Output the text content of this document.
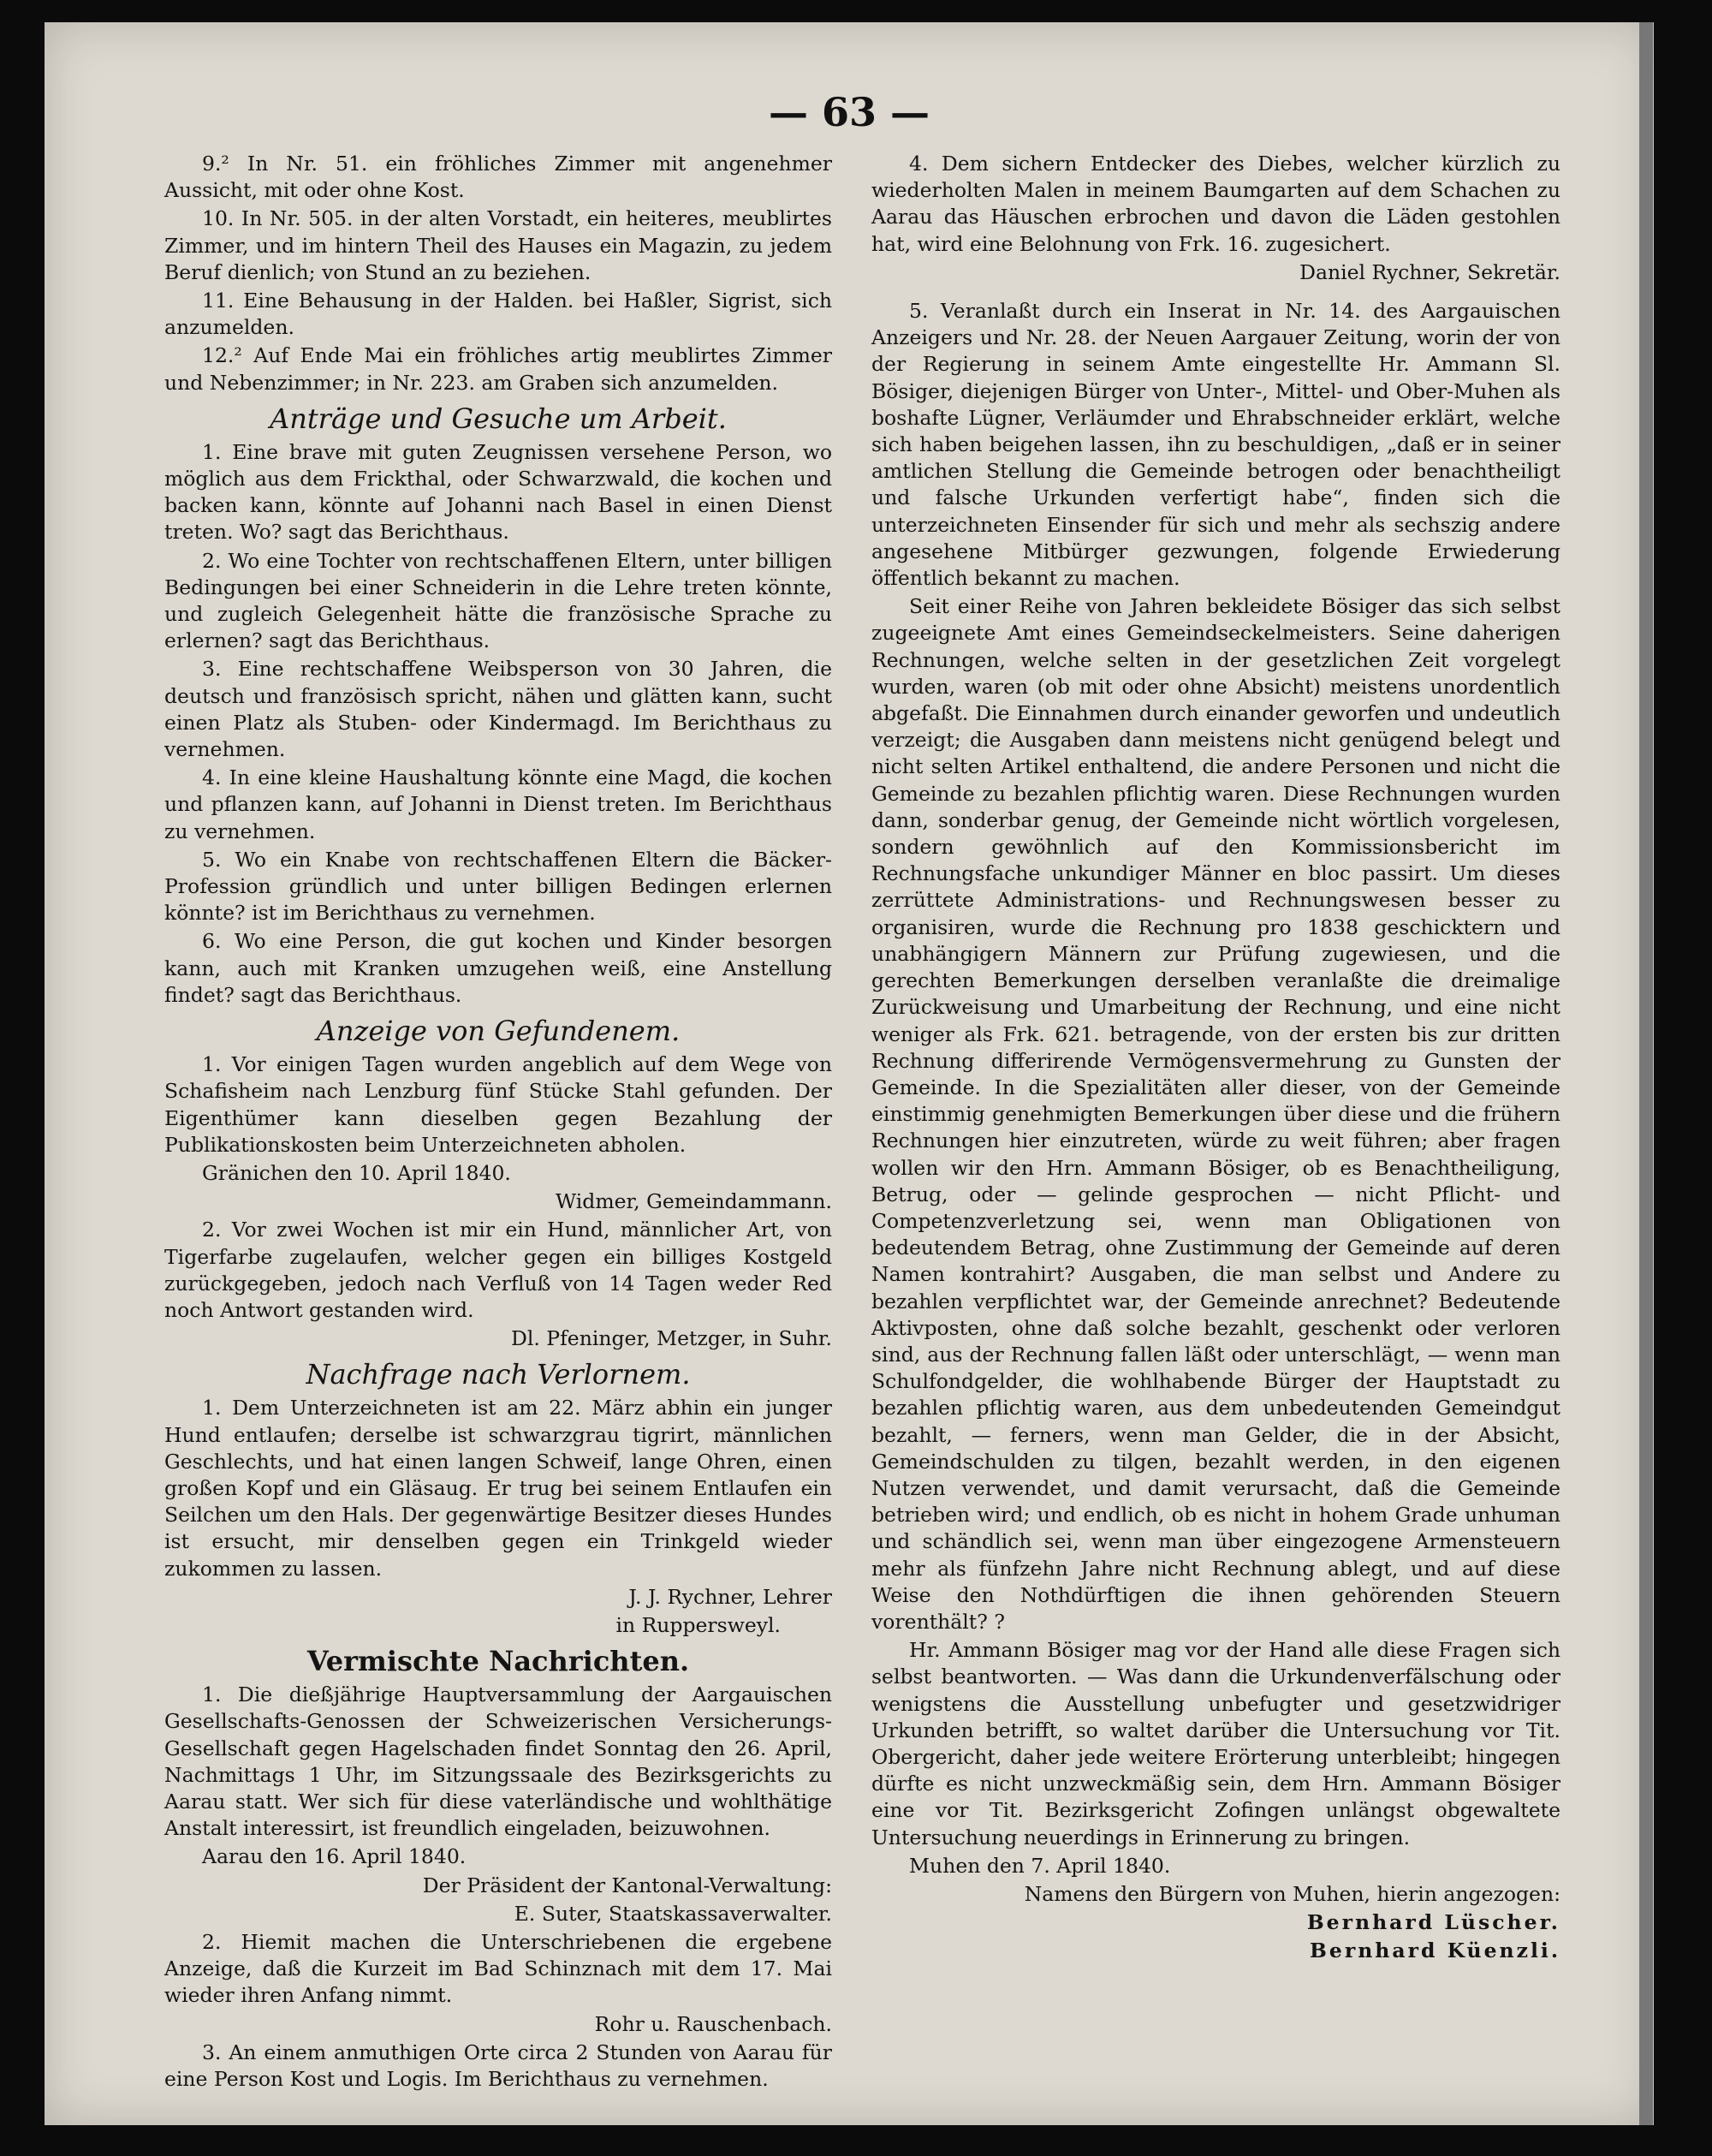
— 63 —

9.² In Nr. 51. ein fröhliches Zimmer mit angenehmer Aussicht, mit oder ohne Kost.

10. In Nr. 505. in der alten Vorstadt, ein heiteres, meublirtes Zimmer, und im hintern Theil des Hauses ein Magazin, zu jedem Beruf dienlich; von Stund an zu beziehen.

11. Eine Behausung in der Halden. bei Haßler, Sigrist, sich anzumelden.

12.² Auf Ende Mai ein fröhliches artig meublirtes Zimmer und Nebenzimmer; in Nr. 223. am Graben sich anzumelden.

Anträge und Gesuche um Arbeit.

1. Eine brave mit guten Zeugnissen versehene Person, wo möglich aus dem Frickthal, oder Schwarzwald, die kochen und backen kann, könnte auf Johanni nach Basel in einen Dienst treten. Wo? sagt das Berichthaus.

2. Wo eine Tochter von rechtschaffenen Eltern, unter billigen Bedingungen bei einer Schneiderin in die Lehre treten könnte, und zugleich Gelegenheit hätte die französische Sprache zu erlernen? sagt das Berichthaus.

3. Eine rechtschaffene Weibsperson von 30 Jahren, die deutsch und französisch spricht, nähen und glätten kann, sucht einen Platz als Stuben- oder Kindermagd. Im Berichthaus zu vernehmen.

4. In eine kleine Haushaltung könnte eine Magd, die kochen und pflanzen kann, auf Johanni in Dienst treten. Im Berichthaus zu vernehmen.

5. Wo ein Knabe von rechtschaffenen Eltern die Bäcker-Profession gründlich und unter billigen Bedingen erlernen könnte? ist im Berichthaus zu vernehmen.

6. Wo eine Person, die gut kochen und Kinder besorgen kann, auch mit Kranken umzugehen weiß, eine Anstellung findet? sagt das Berichthaus.

Anzeige von Gefundenem.

1. Vor einigen Tagen wurden angeblich auf dem Wege von Schafisheim nach Lenzburg fünf Stücke Stahl gefunden. Der Eigenthümer kann dieselben gegen Bezahlung der Publikationskosten beim Unterzeichneten abholen.

Gränichen den 10. April 1840.
Widmer, Gemeindammann.

2. Vor zwei Wochen ist mir ein Hund, männlicher Art, von Tigerfarbe zugelaufen, welcher gegen ein billiges Kostgeld zurückgegeben, jedoch nach Verfluß von 14 Tagen weder Red noch Antwort gestanden wird.

Dl. Pfeninger, Metzger, in Suhr.
Nachfrage nach Verlornem.

1. Dem Unterzeichneten ist am 22. März abhin ein junger Hund entlaufen; derselbe ist schwarzgrau tigrirt, männlichen Geschlechts, und hat einen langen Schweif, lange Ohren, einen großen Kopf und ein Gläsaug. Er trug bei seinem Entlaufen ein Seilchen um den Hals. Der gegenwärtige Besitzer dieses Hundes ist ersucht, mir denselben gegen ein Trinkgeld wieder zukommen zu lassen.

J. J. Rychner, Lehrer
in Ruppersweyl.
Vermischte Nachrichten.

1. Die dießjährige Hauptversammlung der Aargauischen Gesellschafts-Genossen der Schweizerischen Versicherungs-Gesellschaft gegen Hagelschaden findet Sonntag den 26. April, Nachmittags 1 Uhr, im Sitzungssaale des Bezirksgerichts zu Aarau statt. Wer sich für diese vaterländische und wohlthätige Anstalt interessirt, ist freundlich eingeladen, beizuwohnen.

Aarau den 16. April 1840.
Der Präsident der Kantonal-Verwaltung:
E. Suter, Staatskassaverwalter.

2. Hiemit machen die Unterschriebenen die ergebene Anzeige, daß die Kurzeit im Bad Schinznach mit dem 17. Mai wieder ihren Anfang nimmt.

Rohr u. Rauschenbach.

3. An einem anmuthigen Orte circa 2 Stunden von Aarau für eine Person Kost und Logis. Im Berichthaus zu vernehmen.

4. Dem sichern Entdecker des Diebes, welcher kürzlich zu wiederholten Malen in meinem Baumgarten auf dem Schachen zu Aarau das Häuschen erbrochen und davon die Läden gestohlen hat, wird eine Belohnung von Frk. 16. zugesichert.

Daniel Rychner, Sekretär.

5. Veranlaßt durch ein Inserat in Nr. 14. des Aargauischen Anzeigers und Nr. 28. der Neuen Aargauer Zeitung, worin der von der Regierung in seinem Amte eingestellte Hr. Ammann Sl. Bösiger, diejenigen Bürger von Unter-, Mittel- und Ober-Muhen als boshafte Lügner, Verläumder und Ehrabschneider erklärt, welche sich haben beigehen lassen, ihn zu beschuldigen, „daß er in seiner amtlichen Stellung die Gemeinde betrogen oder benachtheiligt und falsche Urkunden verfertigt habe“, finden sich die unterzeichneten Einsender für sich und mehr als sechszig andere angesehene Mitbürger gezwungen, folgende Erwiederung öffentlich bekannt zu machen.

Seit einer Reihe von Jahren bekleidete Bösiger das sich selbst zugeeignete Amt eines Gemeindseckelmeisters. Seine daherigen Rechnungen, welche selten in der gesetzlichen Zeit vorgelegt wurden, waren (ob mit oder ohne Absicht) meistens unordentlich abgefaßt. Die Einnahmen durch einander geworfen und undeutlich verzeigt; die Ausgaben dann meistens nicht genügend belegt und nicht selten Artikel enthaltend, die andere Personen und nicht die Gemeinde zu bezahlen pflichtig waren. Diese Rechnungen wurden dann, sonderbar genug, der Gemeinde nicht wörtlich vorgelesen, sondern gewöhnlich auf den Kommissionsbericht im Rechnungsfache unkundiger Männer en bloc passirt. Um dieses zerrüttete Administrations- und Rechnungswesen besser zu organisiren, wurde die Rechnung pro 1838 geschicktern und unabhängigern Männern zur Prüfung zugewiesen, und die gerechten Bemerkungen derselben veranlaßte die dreimalige Zurückweisung und Umarbeitung der Rechnung, und eine nicht weniger als Frk. 621. betragende, von der ersten bis zur dritten Rechnung differirende Vermögensvermehrung zu Gunsten der Gemeinde. In die Spezialitäten aller dieser, von der Gemeinde einstimmig genehmigten Bemerkungen über diese und die frühern Rechnungen hier einzutreten, würde zu weit führen; aber fragen wollen wir den Hrn. Ammann Bösiger, ob es Benachtheiligung, Betrug, oder — gelinde gesprochen — nicht Pflicht- und Competenzverletzung sei, wenn man Obligationen von bedeutendem Betrag, ohne Zustimmung der Gemeinde auf deren Namen kontrahirt? Ausgaben, die man selbst und Andere zu bezahlen verpflichtet war, der Gemeinde anrechnet? Bedeutende Aktivposten, ohne daß solche bezahlt, geschenkt oder verloren sind, aus der Rechnung fallen läßt oder unterschlägt, — wenn man Schulfondgelder, die wohlhabende Bürger der Hauptstadt zu bezahlen pflichtig waren, aus dem unbedeutenden Gemeindgut bezahlt, — ferners, wenn man Gelder, die in der Absicht, Gemeindschulden zu tilgen, bezahlt werden, in den eigenen Nutzen verwendet, und damit verursacht, daß die Gemeinde betrieben wird; und endlich, ob es nicht in hohem Grade unhuman und schändlich sei, wenn man über eingezogene Armensteuern mehr als fünfzehn Jahre nicht Rechnung ablegt, und auf diese Weise den Nothdürftigen die ihnen gehörenden Steuern vorenthält? ?

Hr. Ammann Bösiger mag vor der Hand alle diese Fragen sich selbst beantworten. — Was dann die Urkundenverfälschung oder wenigstens die Ausstellung unbefugter und gesetzwidriger Urkunden betrifft, so waltet darüber die Untersuchung vor Tit. Obergericht, daher jede weitere Erörterung unterbleibt; hingegen dürfte es nicht unzweckmäßig sein, dem Hrn. Ammann Bösiger eine vor Tit. Bezirksgericht Zofingen unlängst obgewaltete Untersuchung neuerdings in Erinnerung zu bringen.

Muhen den 7. April 1840.
Namens den Bürgern von Muhen, hierin angezogen:
Bernhard Lüscher.
Bernhard Küenzli.
